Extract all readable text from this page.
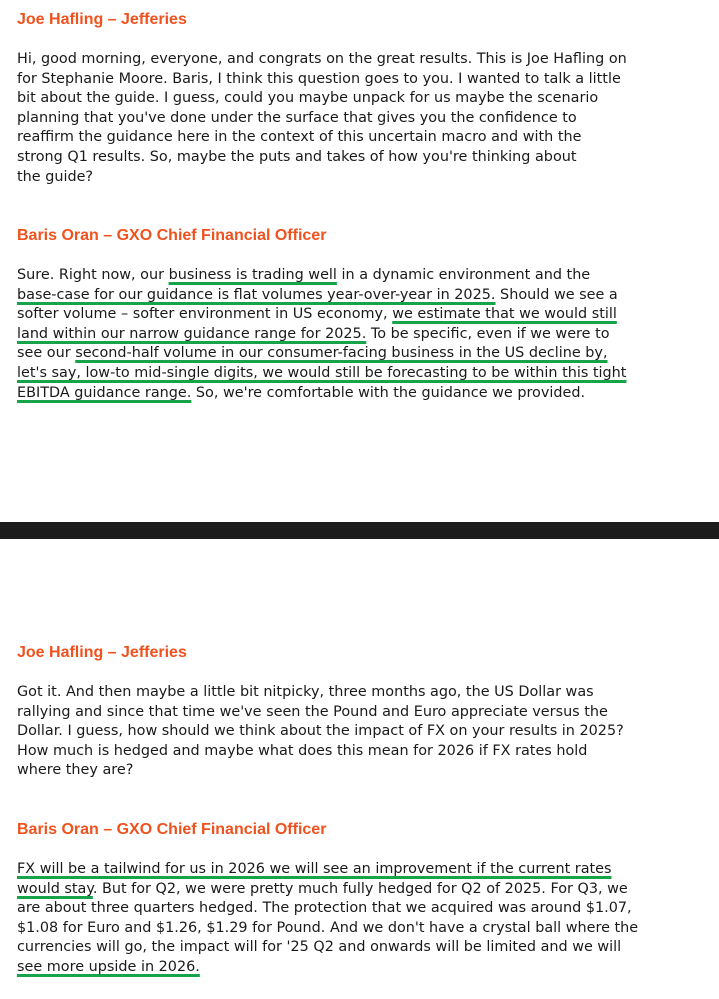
Joe Hafling – Jefferies
Hi, good morning, everyone, and congrats on the great results. This is Joe Hafling on
for Stephanie Moore. Baris, I think this question goes to you. I wanted to talk a little
bit about the guide. I guess, could you maybe unpack for us maybe the scenario
planning that you've done under the surface that gives you the confidence to
reaffirm the guidance here in the context of this uncertain macro and with the
strong Q1 results. So, maybe the puts and takes of how you're thinking about
the guide?
Baris Oran – GXO Chief Financial Officer
Sure. Right now, our business is trading well in a dynamic environment and the
base-case for our guidance is flat volumes year-over-year in 2025. Should we see a
softer volume – softer environment in US economy, we estimate that we would still
land within our narrow guidance range for 2025. To be specific, even if we were to
see our second-half volume in our consumer-facing business in the US decline by,
let's say, low-to mid-single digits, we would still be forecasting to be within this tight
EBITDA guidance range. So, we're comfortable with the guidance we provided.
Joe Hafling – Jefferies
Got it. And then maybe a little bit nitpicky, three months ago, the US Dollar was
rallying and since that time we've seen the Pound and Euro appreciate versus the
Dollar. I guess, how should we think about the impact of FX on your results in 2025?
How much is hedged and maybe what does this mean for 2026 if FX rates hold
where they are?
Baris Oran – GXO Chief Financial Officer
FX will be a tailwind for us in 2026 we will see an improvement if the current rates
would stay. But for Q2, we were pretty much fully hedged for Q2 of 2025. For Q3, we
are about three quarters hedged. The protection that we acquired was around $1.07,
$1.08 for Euro and $1.26, $1.29 for Pound. And we don't have a crystal ball where the
currencies will go, the impact will for '25 Q2 and onwards will be limited and we will
see more upside in 2026.
